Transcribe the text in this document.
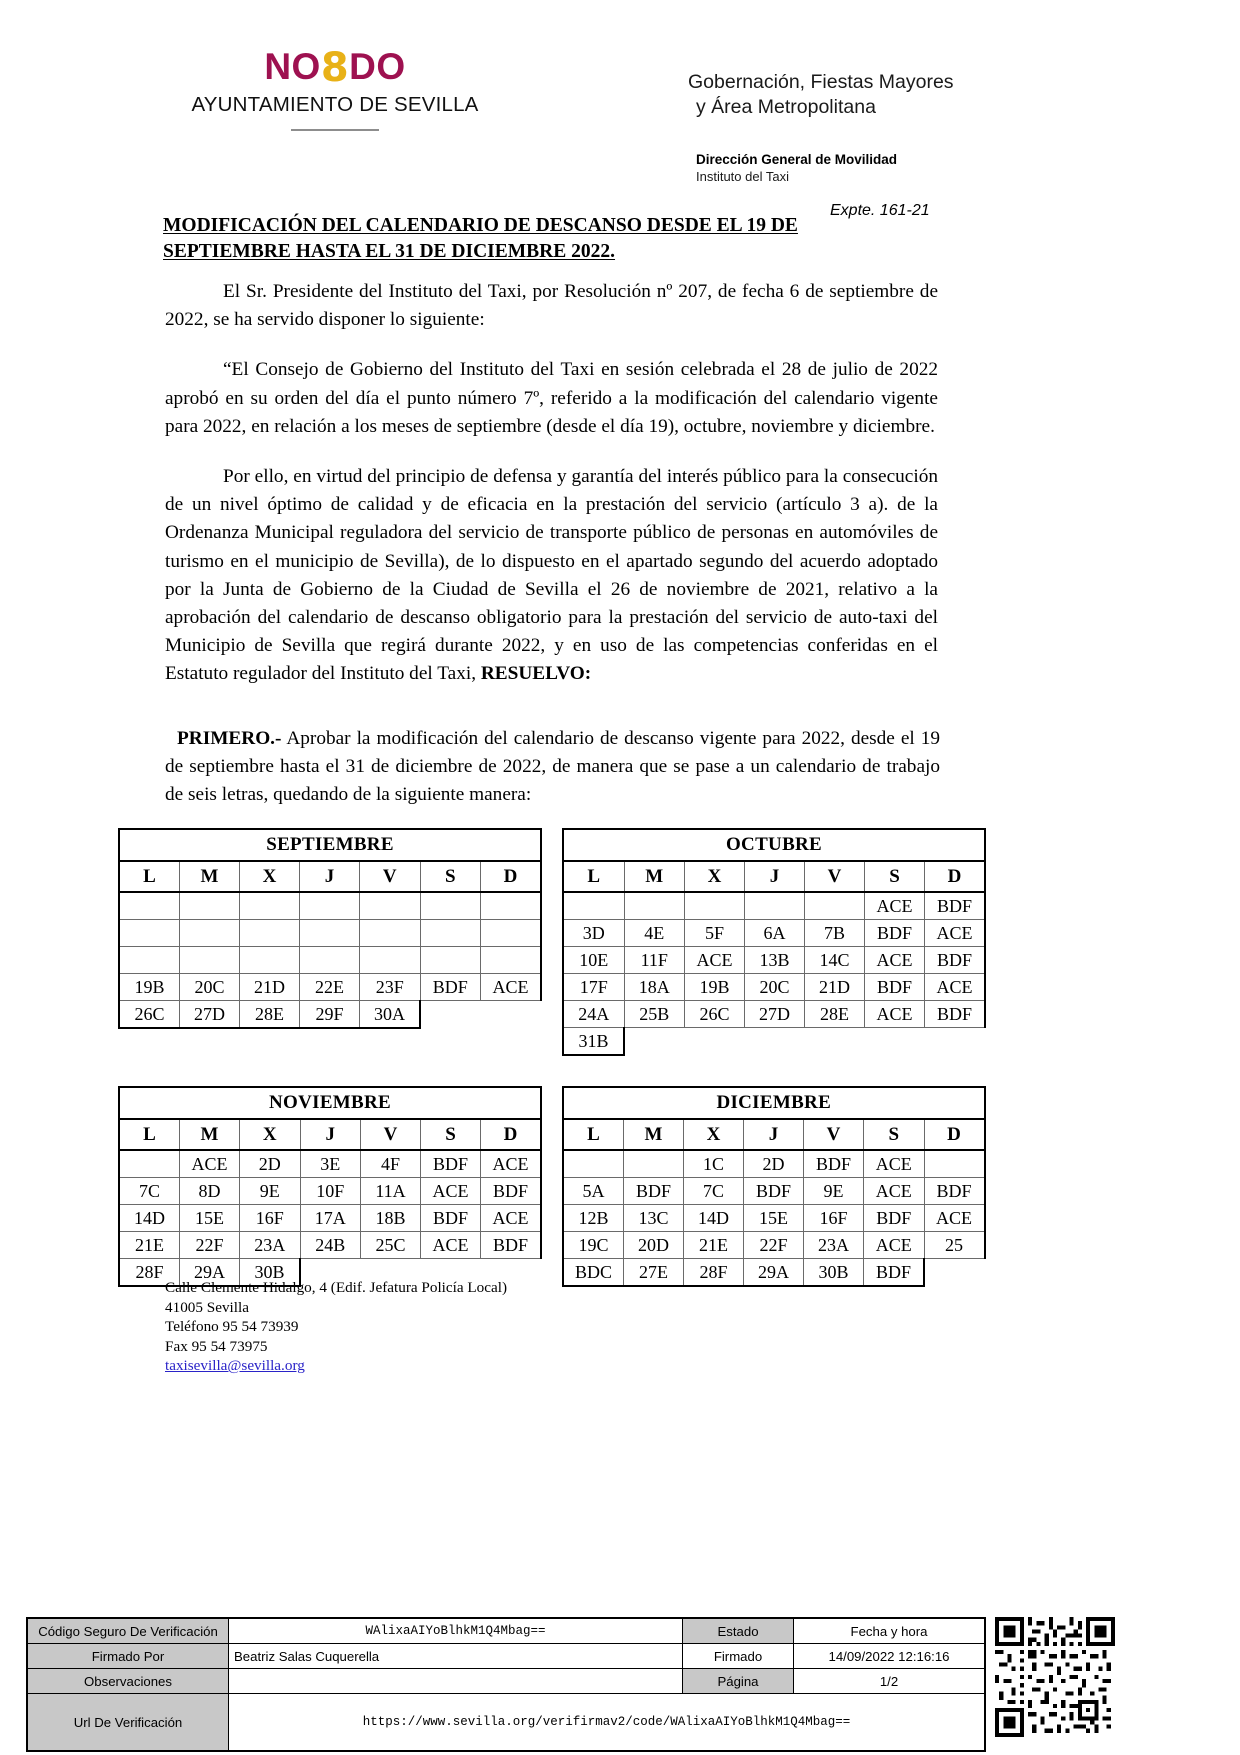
NO8DO
AYUNTAMIENTO DE SEVILLA
Gobernación, Fiestas Mayores
y Área Metropolitana
Dirección General de Movilidad
Instituto del Taxi
Expte. 161-21
MODIFICACIÓN DEL CALENDARIO DE DESCANSO DESDE EL 19 DE SEPTIEMBRE HASTA EL 31 DE DICIEMBRE 2022.

El Sr. Presidente del Instituto del Taxi, por Resolución nº 207, de fecha 6 de septiembre de 2022, se ha servido disponer lo siguiente:

“El Consejo de Gobierno del Instituto del Taxi en sesión celebrada el 28 de julio de 2022 aprobó en su orden del día el punto número 7º, referido a la modificación del calendario vigente para 2022, en relación a los meses de septiembre (desde el día 19), octubre, noviembre y diciembre.

Por ello, en virtud del principio de defensa y garantía del interés público para la consecución de un nivel óptimo de calidad y de eficacia en la prestación del servicio (artículo 3 a). de la Ordenanza Municipal reguladora del servicio de transporte público de personas en automóviles de turismo en el municipio de Sevilla), de lo dispuesto en el apartado segundo del acuerdo adoptado por la Junta de Gobierno de la Ciudad de Sevilla el 26 de noviembre de 2021, relativo a la aprobación del calendario de descanso obligatorio para la prestación del servicio de auto-taxi del Municipio de Sevilla que regirá durante 2022, y en uso de las competencias conferidas en el Estatuto regulador del Instituto del Taxi, RESUELVO:

PRIMERO.- Aprobar la modificación del calendario de descanso vigente para 2022, desde el 19 de septiembre hasta el 31 de diciembre de 2022, de manera que se pase a un calendario de trabajo de seis letras, quedando de la siguiente manera:
SEPTIEMBRE						
L	M	X	J	V	S	D

19B	20C	21D	22E	23F	BDF	ACE
26C	27D	28E	29F	30A		
OCTUBRE						
L	M	X	J	V	S	D
					ACE	BDF
3D	4E	5F	6A	7B	BDF	ACE
10E	11F	ACE	13B	14C	ACE	BDF
17F	18A	19B	20C	21D	BDF	ACE
24A	25B	26C	27D	28E	ACE	BDF
31B						
NOVIEMBRE						
L	M	X	J	V	S	D
	ACE	2D	3E	4F	BDF	ACE
7C	8D	9E	10F	11A	ACE	BDF
14D	15E	16F	17A	18B	BDF	ACE
21E	22F	23A	24B	25C	ACE	BDF
28F	29A	30B				
DICIEMBRE						
L	M	X	J	V	S	D
		1C	2D	BDF	ACE	
5A	BDF	7C	BDF	9E	ACE	BDF
12B	13C	14D	15E	16F	BDF	ACE
19C	20D	21E	22F	23A	ACE	25
BDC	27E	28F	29A	30B	BDF	
Calle Clemente Hidalgo, 4 (Edif. Jefatura Policía Local)
41005 Sevilla
Teléfono 95 54 73939
Fax 95 54 73975
taxisevilla@sevilla.org
Código Seguro De Verificación	WAlixaAIYoBlhkM1Q4Mbag==	Estado	Fecha y hora
Firmado Por	Beatriz Salas Cuquerella	Firmado	14/09/2022 12:16:16
Observaciones		Página	1/2
Url De Verificación	https://www.sevilla.org/verifirmav2/code/WAlixaAIYoBlhkM1Q4Mbag==		
